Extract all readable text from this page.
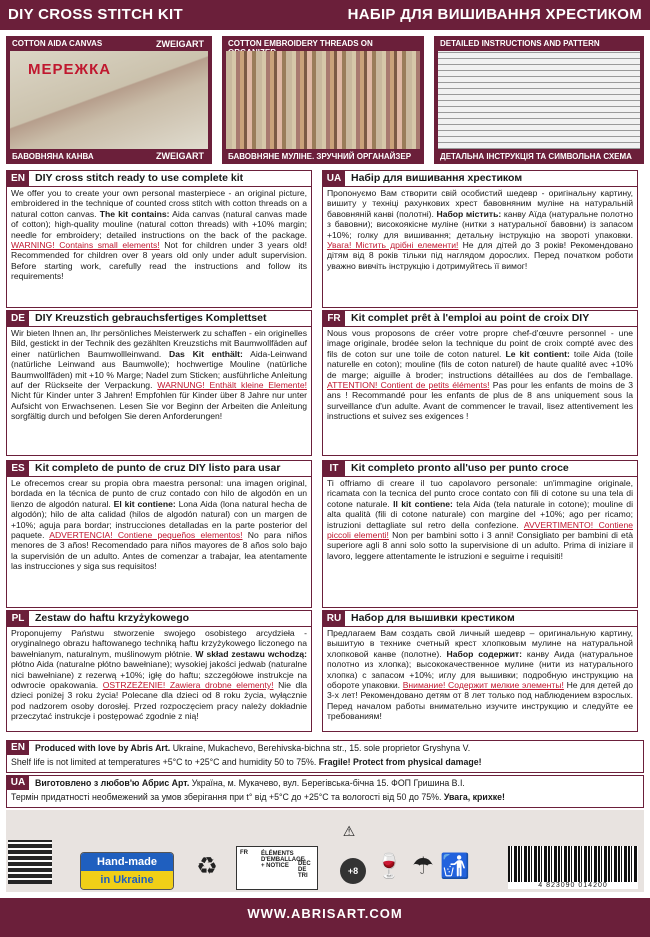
DIY CROSS STITCH KIT	НАБІР ДЛЯ ВИШИВАННЯ ХРЕСТИКОМ
COTTON AIDA CANVAS
МЕРЕЖКА
ZWEIGART
БАВОВНЯНА КАНВА	ZWEIGART
COTTON EMBROIDERY THREADS ON
БАВОВНЯНЕ МУЛІНЕ. ЗРУЧНИЙ ОРГАНАЙЗЕР
DETAILED INSTRUCTIONS AND PATTERN
ДЕТАЛЬНА ІНСТРУКЦІЯ ТА СИМВОЛЬНА СХЕМА
EN DIY cross stitch ready to use complete kit
We offer you to create your own personal masterpiece - an original picture, embroidered in the technique of counted cross stitch with cotton threads on a natural cotton canvas. The kit contains: Aida canvas (natural canvas made of cotton); high-quality mouline (natural cotton threads) with +10% margin; needle for embroidery; detailed instructions on the back of the package. WARNING! Contains small elements! Not for children under 3 years old! Recommended for children over 8 years old only under adult supervision. Before starting work, carefully read the instructions and follow its requirements!
UA Набір для вишивання хрестиком
Пропонуємо Вам створити свій особистий шедевр - оригінальну картину, вишиту у техніці рахункових хрест бавовняним муліне на натуральній бавовняній канві (полотні). Набор містить: канву Аїда (натуральне полотно з бавовни); високоякісне муліне (нитки з натуральної бавовни) із запасом +10%; голку для вишивання; детальну інструкцію на звороті упаковки. Увага! Містить дрібні елементи! Не для дітей до 3 років! Рекомендовано дітям від 8 років тільки під наглядом дорослих. Перед початком роботи уважно вивчіть інструкцію і дотримуйтесь її вимог!
DE DIY Kreuzstich gebrauchsfertiges Komplettset
Wir bieten Ihnen an, Ihr persönliches Meisterwerk zu schaffen - ein originelles Bild, gestickt in der Technik des gezählten Kreuzstichs mit Baumwollfäden auf einer natürlichen Baumwollleinwand. Das Kit enthält: Aida-Leinwand (natürliche Leinwand aus Baumwolle); hochwertige Mouline (natürliche Baumwollfäden) mit +10 % Marge; Nadel zum Sticken; ausführliche Anleitung auf der Rückseite der Verpackung. WARNUNG! Enthält kleine Elemente! Nicht für Kinder unter 3 Jahren! Empfohlen für Kinder über 8 Jahre nur unter Aufsicht von Erwachsenen. Lesen Sie vor Beginn der Arbeiten die Anleitung sorgfältig durch und befolgen Sie deren Anforderungen!
FR Kit complet prêt à l'emploi au point de croix DIY
Nous vous proposons de créer votre propre chef-d'œuvre personnel - une image originale, brodée selon la technique du point de croix compté avec des fils de coton sur une toile de coton naturel. Le kit contient: toile Aida (toile naturelle en coton); mouline (fils de coton naturel) de haute qualité avec +10% de marge; aiguille à broder; instructions détaillées au dos de l'emballage. ATTENTION! Contient de petits éléments! Pas pour les enfants de moins de 3 ans ! Recommandé pour les enfants de plus de 8 ans uniquement sous la surveillance d'un adulte. Avant de commencer le travail, lisez attentivement les instructions et suivez ses exigences !
ES Kit completo de punto de cruz DIY listo para usar
Le ofrecemos crear su propia obra maestra personal: una imagen original, bordada en la técnica de punto de cruz contado con hilo de algodón en un lienzo de algodón natural. El kit contiene: Lona Aida (lona natural hecha de algodón); hilo de alta calidad (hilos de algodón natural) con un margen de +10%; aguja para bordar; instrucciones detalladas en la parte posterior del paquete. ADVERTENCIA! Contiene pequeños elementos! No para niños menores de 3 años! Recomendado para niños mayores de 8 años solo bajo la supervisión de un adulto. Antes de comenzar a trabajar, lea atentamente las instrucciones y siga sus requisitos!
IT	Kit completo pronto all'uso per punto croce
Ti offriamo di creare il tuo capolavoro personale: un'immagine originale, ricamata con la tecnica del punto croce contato con fili di cotone su una tela di cotone naturale. Il kit contiene: tela Aida (tela naturale in cotone); mouline di alta qualità (fili di cotone naturale) con margine del +10%; ago per ricamo; istruzioni dettagliate sul retro della confezione. AVVERTIMENTO! Contiene piccoli elementi! Non per bambini sotto i 3 anni! Consigliato per bambini di età superiore agli 8 anni solo sotto la supervisione di un adulto. Prima di iniziare il lavoro, leggere attentamente le istruzioni e seguirne i requisiti!
PL	Zestaw do haftu krzyżykowego
Proponujemy Państwu stworzenie swojego osobistego arcydzieła - oryginalnego obrazu haftowanego techniką haftu krzyżykowego liczonego na bawełnianym, naturalnym, muślinowym płótnie. W skład zestawu wchodzą: płótno Aida (naturalne płótno bawełniane); wysokiej jakości jedwab (naturalne nici bawełniane) z rezerwą +10%; igłę do haftu; szczegółowe instrukcje na odwrocie opakowania. OSTRZEŻENIE! Zawiera drobne elementy! Nie dla dzieci poniżej 3 roku życia! Polecane dla dzieci od 8 roku życia, wyłącznie pod nadzorem osoby dorosłej. Przed rozpoczęciem pracy należy dokładnie przeczytać instrukcje i postępować zgodnie z nią!
RU Набор для вышивки крестиком
Предлагаем Вам создать свой личный шедевр – оригинальную картину, вышитую в технике счетный крест хлопковым мулине на натуральной хлопковой канве (полотне). Набор содержит: канву Аида (натуральное полотно из хлопка); высококачественное мулине (нити из натурального хлопка) с запасом +10%; иглу для вышивки; подробную инструкцию на обороте упаковки. Внимание! Содержит мелкие элементы! Не для детей до 3-х лет! Рекомендовано детям от 8 лет только под наблюдением взрослых. Перед началом работы внимательно изучите инструкцию и следуйте ее требованиям!
EN	Produced with love by Abris Art. Ukraine, Mukachevo, Berehivska-bichna str., 15. sole proprietor Gryshyna V.
Shelf life is not limited at temperatures +5°C to +25°C and humidity 50 to 75%. Fragile! Protect from physical damage!
UA	Виготовлено з любов'ю Абрис Арт. Україна, м. Мукачево, вул. Берегівська-бічна 15. ФОП Гришина В.І.
Термін придатності необмежений за умов зберігання при t° від +5°C до +25°C та вологості від 50 до 75%. Увага, крихке!
Hand-made
in Ukraine	♻	FR ÉLÉMENTS D'EMBALLAGE + NOTICE	DÉC DE TRI
⚠
+8 🍷 ☂ 🚮
4 823090 014200
WWW.ABRISART.COM
